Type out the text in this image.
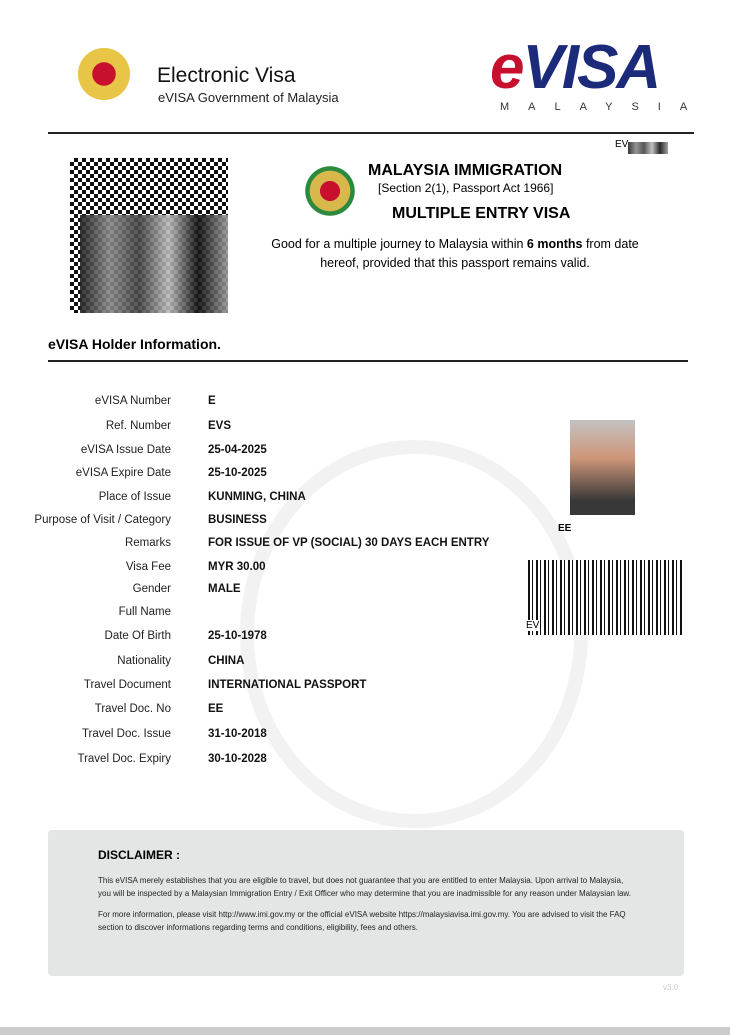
Electronic Visa
eVISA Government of Malaysia eVISA
MALAYSIA
EV
MALAYSIA IMMIGRATION
[Section 2(1), Passport Act 1966]
MULTIPLE ENTRY VISA
Good for a multiple journey to Malaysia within 6 months from date hereof, provided that this passport remains valid.
eVISA Holder Information.
eVISA Number	E
Ref. Number	EVS
eVISA Issue Date	25-04-2025
eVISA Expire Date	25-10-2025
Place of Issue	KUNMING, CHINA
Purpose of Visit / Category	BUSINESS
Remarks	FOR ISSUE OF VP (SOCIAL) 30 DAYS EACH ENTRY
Visa Fee	MYR 30.00
Gender	MALE
Full Name
Date Of Birth	25-10-1978
Nationality	CHINA
Travel Document	INTERNATIONAL PASSPORT
Travel Doc. No	EE
Travel Doc. Issue	31-10-2018
Travel Doc. Expiry	30-10-2028
EE
EV
DISCLAIMER :

This eVISA merely establishes that you are eligible to travel, but does not guarantee that you are entitled to enter Malaysia. Upon arrival to Malaysia, you will be inspected by a Malaysian Immigration Entry / Exit Officer who may determine that you are inadmissible for any reason under Malaysian law.

For more information, please visit http://www.imi.gov.my or the official eVISA website https://malaysiavisa.imi.gov.my. You are advised to visit the FAQ section to discover informations regarding terms and conditions, eligibility, fees and others.

v3.0
